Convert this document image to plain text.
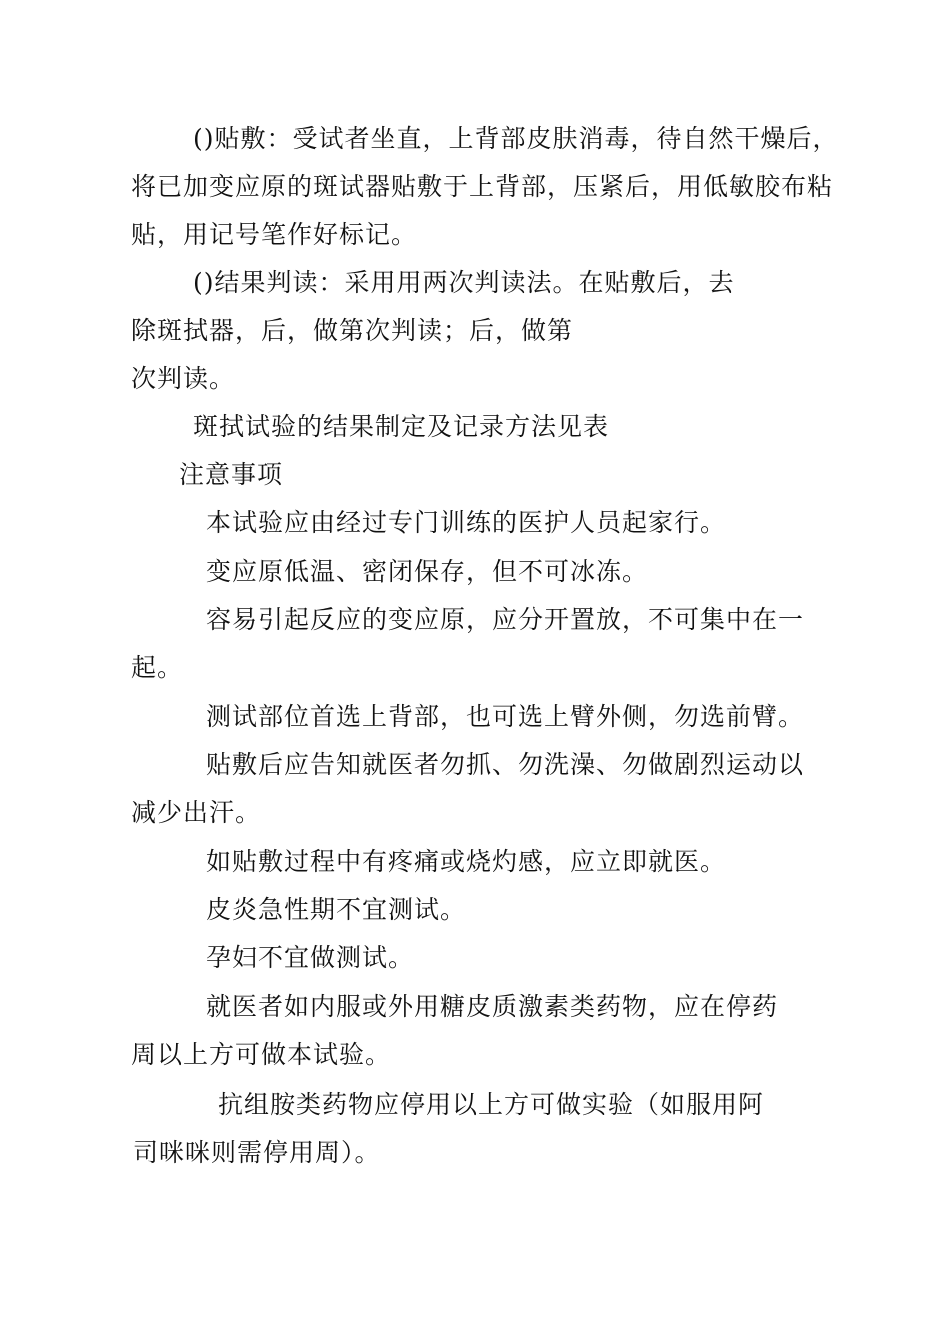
()贴敷：受试者坐直，上背部皮肤消毒，待自然干燥后，
将已加变应原的斑试器贴敷于上背部，压紧后，用低敏胶布粘
贴，用记号笔作好标记。
()结果判读：采用用两次判读法。在贴敷后，去
除斑拭器，后，做第次判读；后，做第
次判读。
斑拭试验的结果制定及记录方法见表
注意事项
本试验应由经过专门训练的医护人员起家行。
变应原低温、密闭保存，但不可冰冻。
容易引起反应的变应原，应分开置放，不可集中在一
起。
测试部位首选上背部，也可选上臂外侧，勿选前臂。
贴敷后应告知就医者勿抓、勿洗澡、勿做剧烈运动以
减少出汗。
如贴敷过程中有疼痛或烧灼感，应立即就医。
皮炎急性期不宜测试。
孕妇不宜做测试。
就医者如内服或外用糖皮质激素类药物，应在停药
周以上方可做本试验。
抗组胺类药物应停用以上方可做实验（如服用阿
司咪咪则需停用周）。
